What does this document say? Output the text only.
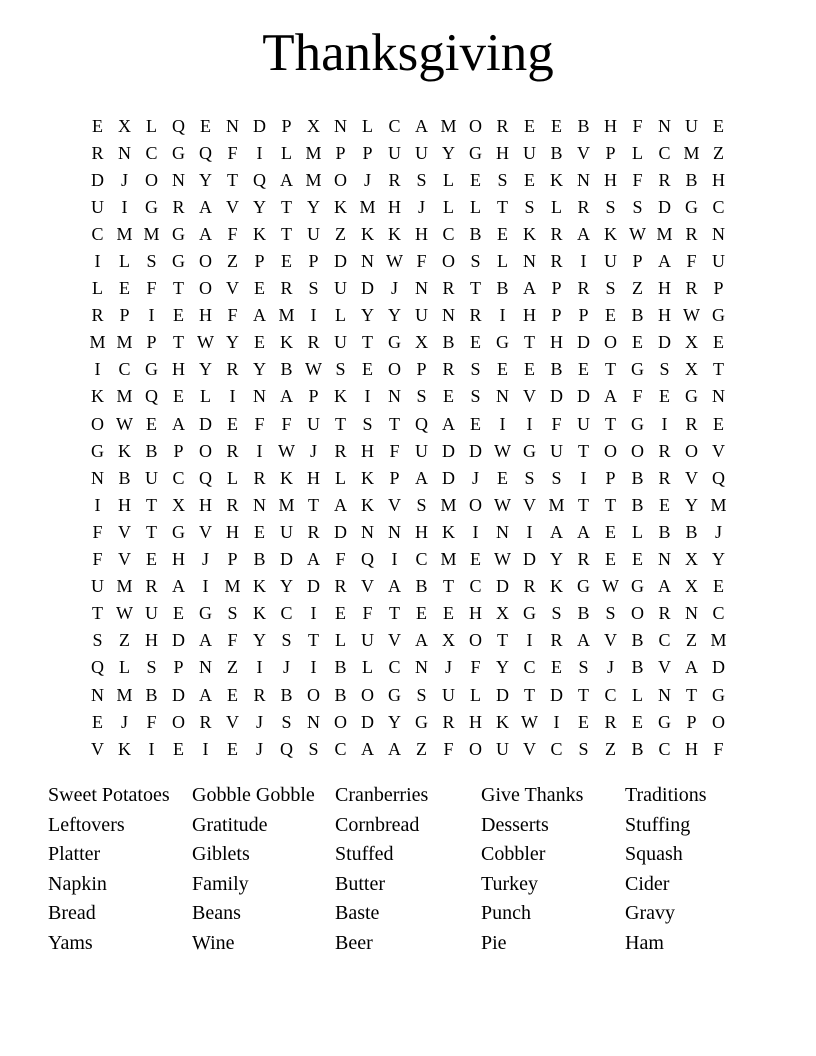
Thanksgiving
E X L Q E N D P X N L C A M O R E E B H F N U E
R N C G Q F	I	L M P P U U Y G H U B V P L C M Z
D J O N Y T Q A M O J R S L E S E K N H F R B H
U I G R A V Y T Y K M H J	L L T S L R S S D G C
C M M G A F K T U Z K K H C B E K R A K W M R N
I	L S G O Z P E P D N W F O S L N R	I U P A F U
L E F T O V E R S U D J N R T B A P R S Z H R P
R P	I	E H F A M I	L Y Y U N R	I H P P E B H W G
M M P T W Y E K R U T G X B E G T H D O E D X E
I C G H Y R Y B W S E O P R S E E B E T G S X T
K M Q E L	I N A P K I N S E S N V D D A F E G N
O W E A D E F F U T S T Q A E	I	I	F U T G I R E
G K B P O R	I W J R H F U D D W G U T O O R O V
N B U C Q L R K H L K P A D J	E S S	I	P B R V Q
I H T X H R N M T A K V S M O W V M T T B E Y M
F V T G V H E U R D N N H K I N I A A E L B B J
F V E H J	P B D A F Q I C M E W D Y R E E N X Y
U M R A I M K Y D R V A B T C D R K G W G A X E
T W U E G S K C	I	E F T E E H X G S B S O R N C
S Z H D A F Y S T L U V A X O T	I R A V B C Z M
Q L S P N Z	I	J	I B L C N J	F Y C E S	J B V A D
N M B D A E R B O B O G S U L D T D T C L N T G
E J	F O R V J	S N O D Y G R H K W I	E R E G P O
V K I	E	I	E J Q S C A A Z F O U V C S Z B C H F
Sweet Potatoes
Leftovers
Platter
Napkin
Bread
Yams
Gobble Gobble
Gratitude
Giblets
Family
Beans
Wine
Cranberries
Cornbread
Stuffed
Butter
Baste
Beer
Give Thanks
Desserts
Cobbler
Turkey
Punch
Pie
Traditions
Stuffing
Squash
Cider
Gravy
Ham
